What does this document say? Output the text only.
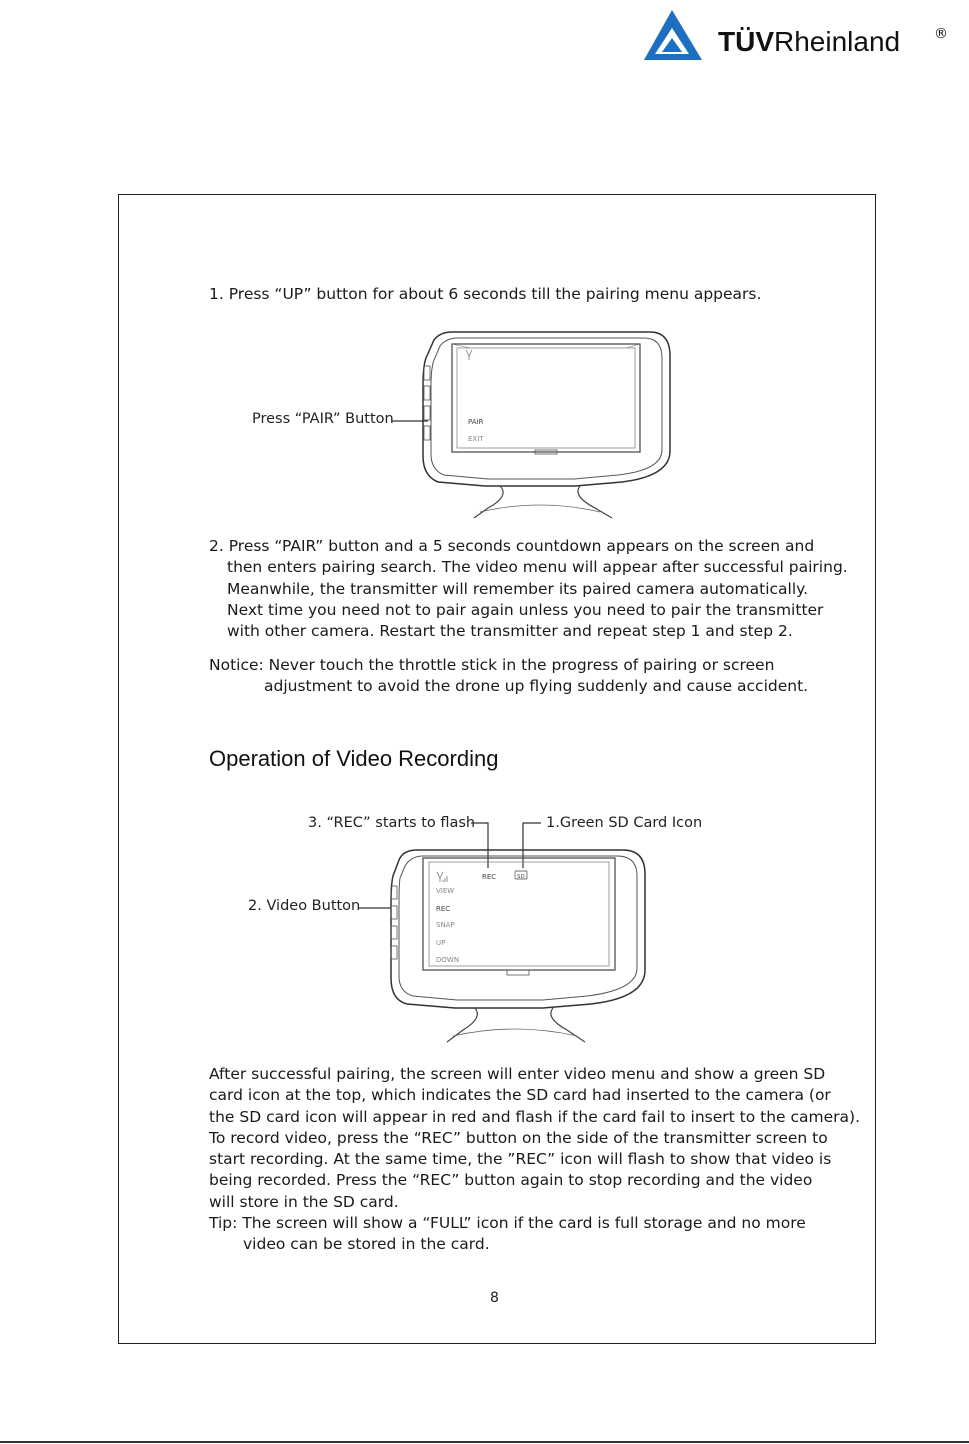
TÜVRheinland ®
1. Press “UP” button for about 6 seconds till the pairing menu appears.
Press “PAIR” Button	PAIR
EXIT
2. Press “PAIR” button and a 5 seconds countdown appears on the screen and
then enters pairing search. The video menu will appear after successful pairing.
Meanwhile, the transmitter will remember its paired camera automatically.
Next time you need not to pair again unless you need to pair the transmitter
with other camera. Restart the transmitter and repeat step 1 and step 2.
Notice: Never touch the throttle stick in the progress of pairing or screen
adjustment to avoid the drone up flying suddenly and cause accident.
Operation of Video Recording
3. “REC” starts to flash	1.Green SD Card Icon
2. Video Button
REC	SD
VIEW
REC
SNAP
UP
DOWN
After successful pairing, the screen will enter video menu and show a green SD
card icon at the top, which indicates the SD card had inserted to the camera (or
the SD card icon will appear in red and flash if the card fail to insert to the camera).
To record video, press the “REC” button on the side of the transmitter screen to
start recording. At the same time, the ”REC” icon will flash to show that video is
being recorded. Press the “REC” button again to stop recording and the video
will store in the SD card.
Tip: The screen will show a “FULL” icon if the card is full storage and no more
video can be stored in the card.
8
